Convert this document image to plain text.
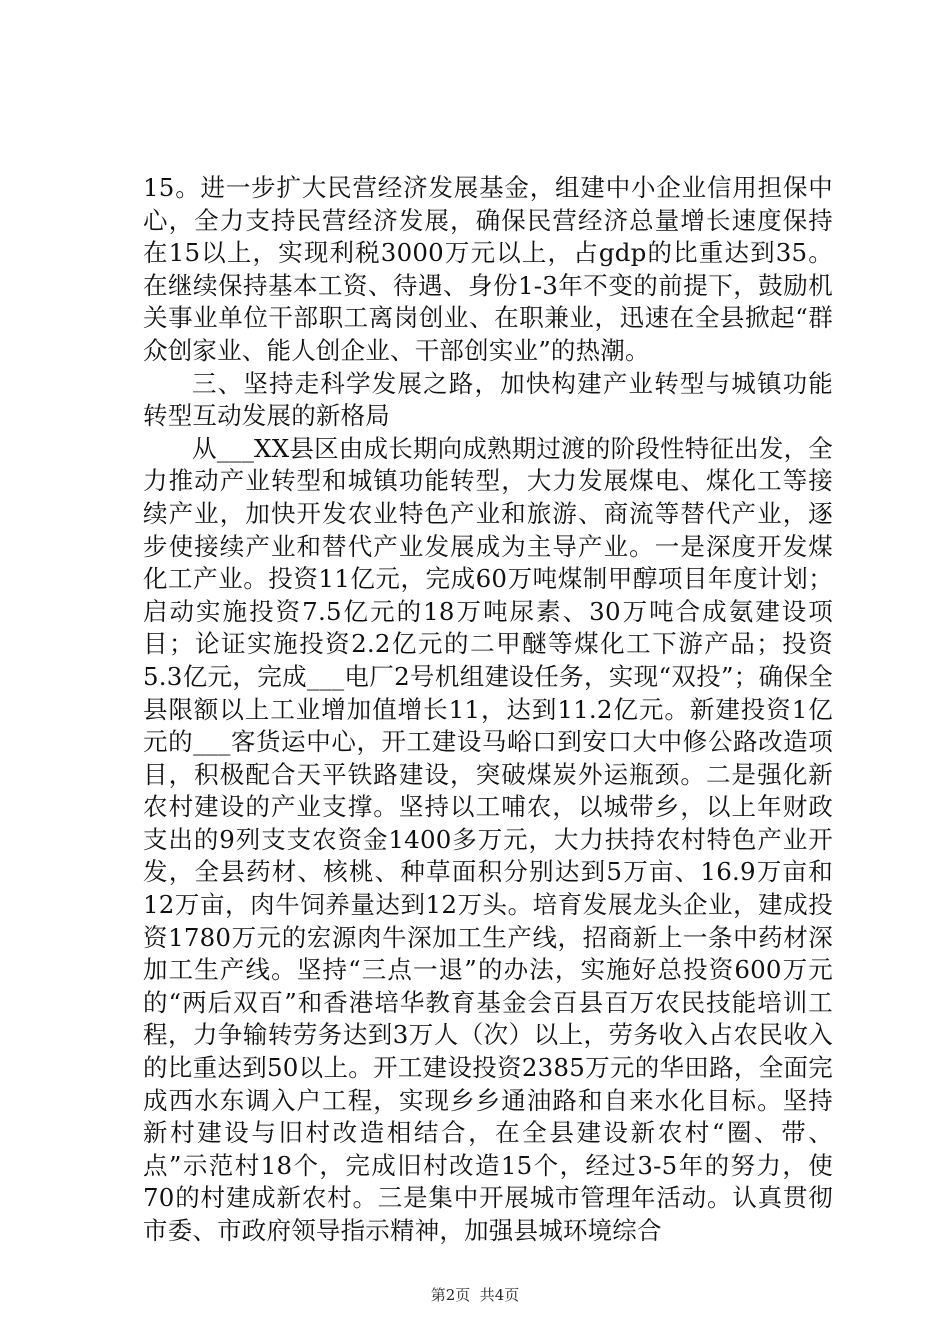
15。进一步扩大民营经济发展基金，组建中小企业信用担保中心，全力支持民营经济发展，确保民营经济总量增长速度保持在15以上，实现利税3000万元以上，占gdp的比重达到35。在继续保持基本工资、待遇、身份1-3年不变的前提下，鼓励机关事业单位干部职工离岗创业、在职兼业，迅速在全县掀起“群众创家业、能人创企业、干部创实业”的热潮。

三、坚持走科学发展之路，加快构建产业转型与城镇功能转型互动发展的新格局

从___XX县区由成长期向成熟期过渡的阶段性特征出发，全力推动产业转型和城镇功能转型，大力发展煤电、煤化工等接续产业，加快开发农业特色产业和旅游、商流等替代产业，逐步使接续产业和替代产业发展成为主导产业。一是深度开发煤化工产业。投资11亿元，完成60万吨煤制甲醇项目年度计划；启动实施投资7.5亿元的18万吨尿素、30万吨合成氨建设项目；论证实施投资2.2亿元的二甲醚等煤化工下游产品；投资5.3亿元，完成___电厂2号机组建设任务，实现“双投”；确保全县限额以上工业增加值增长11，达到11.2亿元。新建投资1亿元的___客货运中心，开工建设马峪口到安口大中修公路改造项目，积极配合天平铁路建设，突破煤炭外运瓶颈。二是强化新农村建设的产业支撑。坚持以工哺农，以城带乡，以上年财政支出的9列支支农资金1400多万元，大力扶持农村特色产业开发，全县药材、核桃、种草面积分别达到5万亩、16.9万亩和12万亩，肉牛饲养量达到12万头。培育发展龙头企业，建成投资1780万元的宏源肉牛深加工生产线，招商新上一条中药材深加工生产线。坚持“三点一退”的办法，实施好总投资600万元的“两后双百”和香港培华教育基金会百县百万农民技能培训工程，力争输转劳务达到3万人（次）以上，劳务收入占农民收入的比重达到50以上。开工建设投资2385万元的华田路，全面完成西水东调入户工程，实现乡乡通油路和自来水化目标。坚持新村建设与旧村改造相结合，在全县建设新农村“圈、带、点”示范村18个，完成旧村改造15个，经过3-5年的努力，使70的村建成新农村。三是集中开展城市管理年活动。认真贯彻市委、市政府领导指示精神，加强县城环境综合

第2页  共4页
